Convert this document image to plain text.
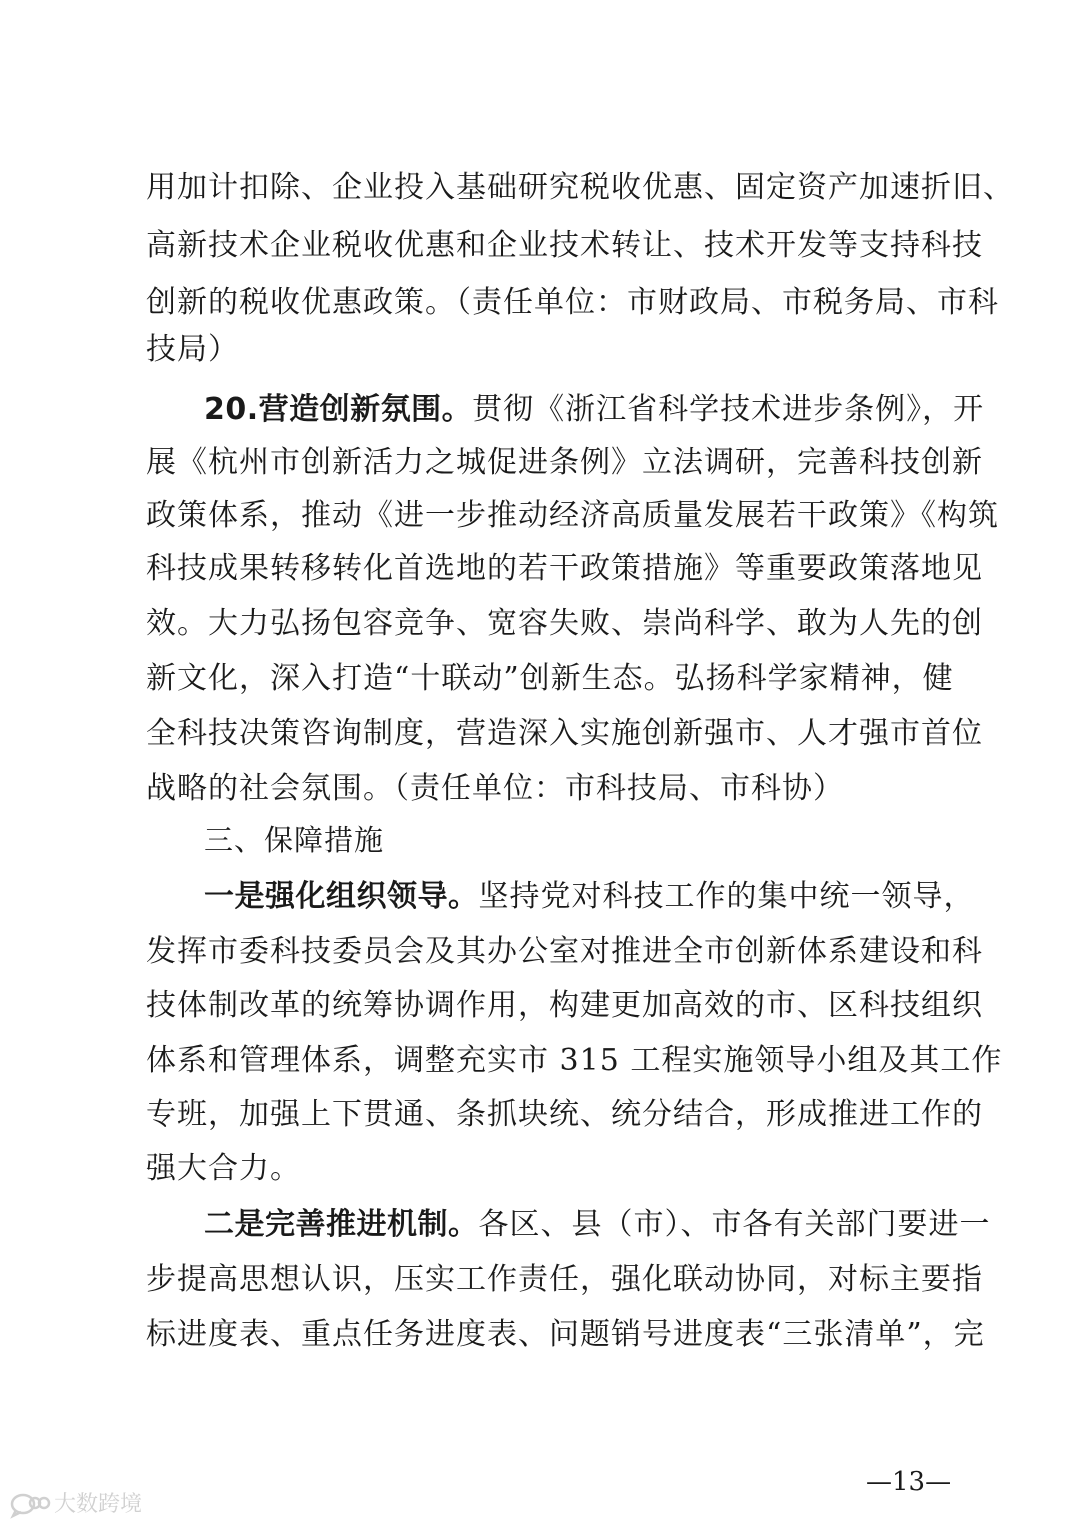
用加计扣除、企业投入基础研究税收优惠、固定资产加速折旧、
高新技术企业税收优惠和企业技术转让、技术开发等支持科技
创新的税收优惠政策。（责任单位：市财政局、市税务局、市科
技局）
20.营造创新氛围。贯彻《浙江省科学技术进步条例》，开
展《杭州市创新活力之城促进条例》立法调研，完善科技创新
政策体系，推动《进一步推动经济高质量发展若干政策》《构筑
科技成果转移转化首选地的若干政策措施》等重要政策落地见
效。大力弘扬包容竞争、宽容失败、崇尚科学、敢为人先的创
新文化，深入打造“十联动”创新生态。弘扬科学家精神，健
全科技决策咨询制度，营造深入实施创新强市、人才强市首位
战略的社会氛围。（责任单位：市科技局、市科协）
三、保障措施
一是强化组织领导。坚持党对科技工作的集中统一领导，
发挥市委科技委员会及其办公室对推进全市创新体系建设和科
技体制改革的统筹协调作用，构建更加高效的市、区科技组织
体系和管理体系，调整充实市 315 工程实施领导小组及其工作
专班，加强上下贯通、条抓块统、统分结合，形成推进工作的
强大合力。
二是完善推进机制。各区、县（市）、市各有关部门要进一
步提高思想认识，压实工作责任，强化联动协同，对标主要指
标进度表、重点任务进度表、问题销号进度表“三张清单”，完
—13—
大数跨境
